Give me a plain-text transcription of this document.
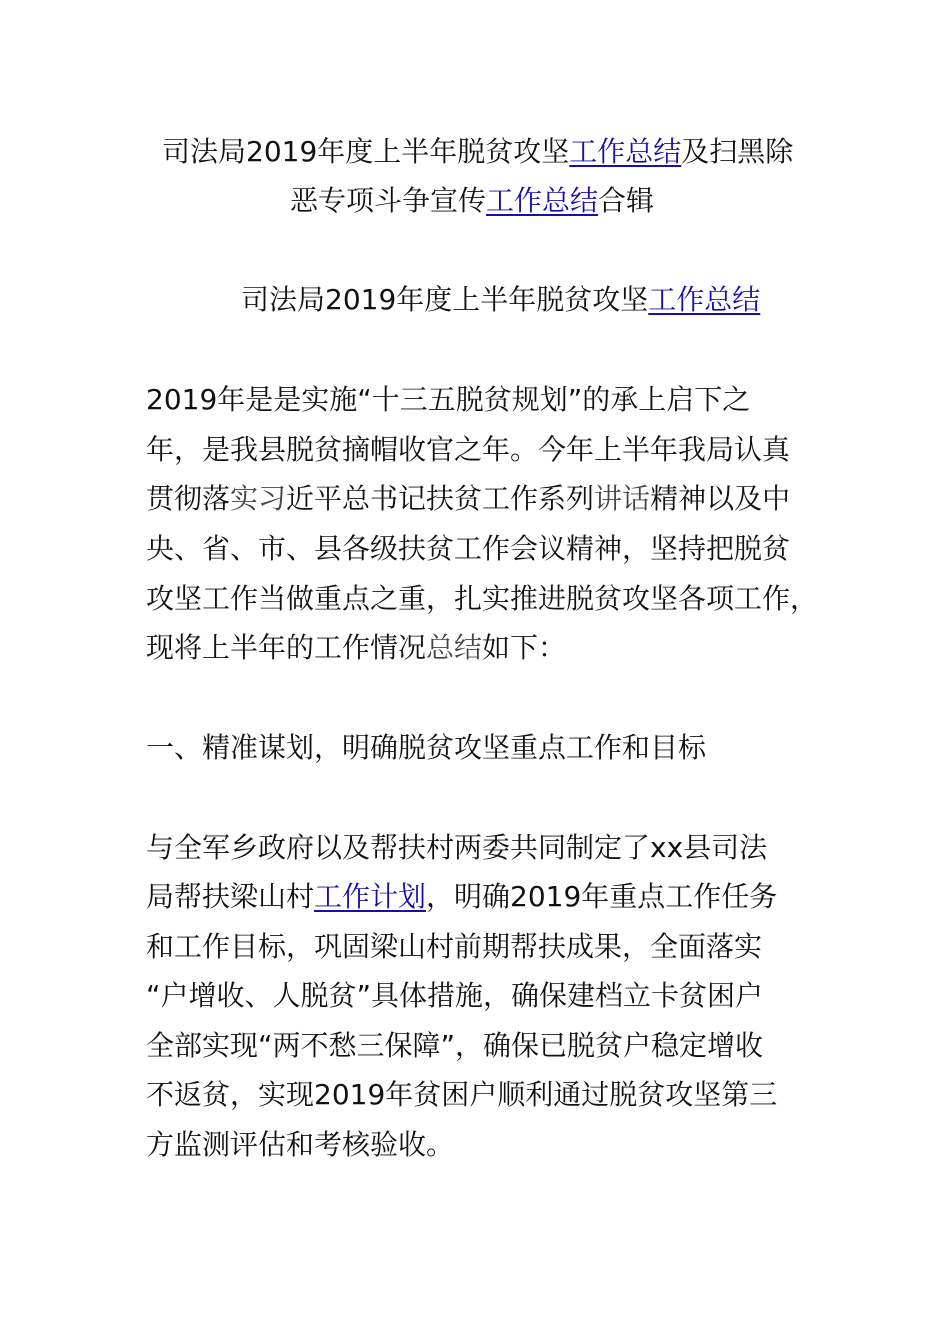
司法局2019年度上半年脱贫攻坚工作总结及扫黑除
恶专项斗争宣传工作总结合辑
司法局2019年度上半年脱贫攻坚工作总结
2019年是是实施“十三五脱贫规划”的承上启下之
年，是我县脱贫摘帽收官之年。今年上半年我局认真
贯彻落实习近平总书记扶贫工作系列讲话精神以及中
央、省、市、县各级扶贫工作会议精神，坚持把脱贫
攻坚工作当做重点之重，扎实推进脱贫攻坚各项工作，
现将上半年的工作情况总结如下：
一、精准谋划，明确脱贫攻坚重点工作和目标
与全军乡政府以及帮扶村两委共同制定了xx县司法
局帮扶梁山村工作计划，明确2019年重点工作任务
和工作目标，巩固梁山村前期帮扶成果，全面落实
“户增收、人脱贫”具体措施，确保建档立卡贫困户
全部实现“两不愁三保障”，确保已脱贫户稳定增收
不返贫，实现2019年贫困户顺利通过脱贫攻坚第三
方监测评估和考核验收。
